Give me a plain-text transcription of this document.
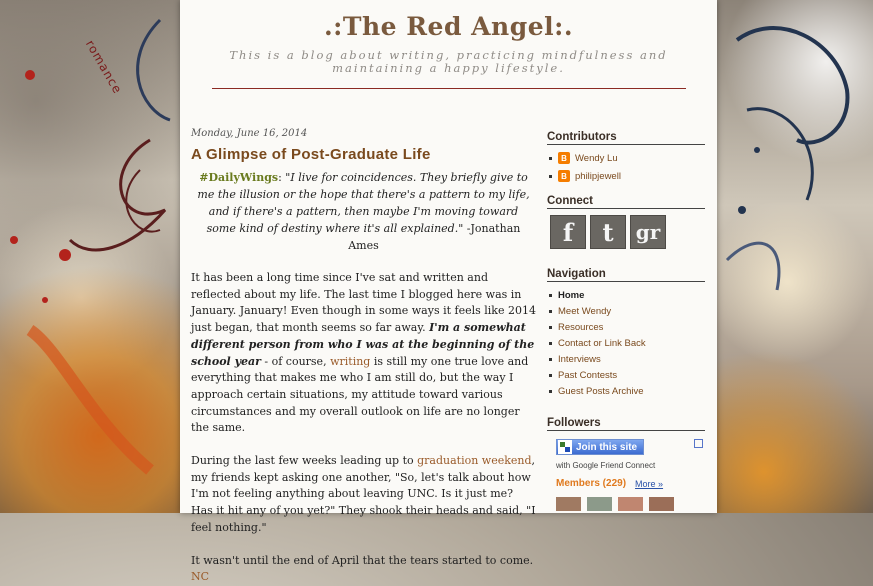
romance
.:The Red Angel:.
This is a blog about writing, practicing mindfulness and maintaining a happy lifestyle.
Monday, June 16, 2014
A Glimpse of Post-Graduate Life
#DailyWings: "I live for coincidences. They briefly give to me the illusion or the hope that there's a pattern to my life, and if there's a pattern, then maybe I'm moving toward some kind of destiny where it's all explained." -Jonathan Ames
It has been a long time since I've sat and written and reflected about my life. The last time I blogged here was in January. January! Even though in some ways it feels like 2014 just began, that month seems so far away. I'm a somewhat different person from who I was at the beginning of the school year - of course, writing is still my one true love and everything that makes me who I am still do, but the way I approach certain situations, my attitude toward various circumstances and my overall outlook on life are no longer the same.
During the last few weeks leading up to graduation weekend, my friends kept asking one another, "So, let's talk about how I'm not feeling anything about leaving UNC. Is it just me? Has it hit any of you yet?" They shook their heads and said, "I feel nothing."
It wasn't until the end of April that the tears started to come. NC
Contributors
B Wendy Lu
B philipjewell
Connect
f	t	gr
Navigation
Home
Meet Wendy
Resources
Contact or Link Back
Interviews
Past Contests
Guest Posts Archive
Followers
Join this site
with Google Friend Connect
Members (229) More »
